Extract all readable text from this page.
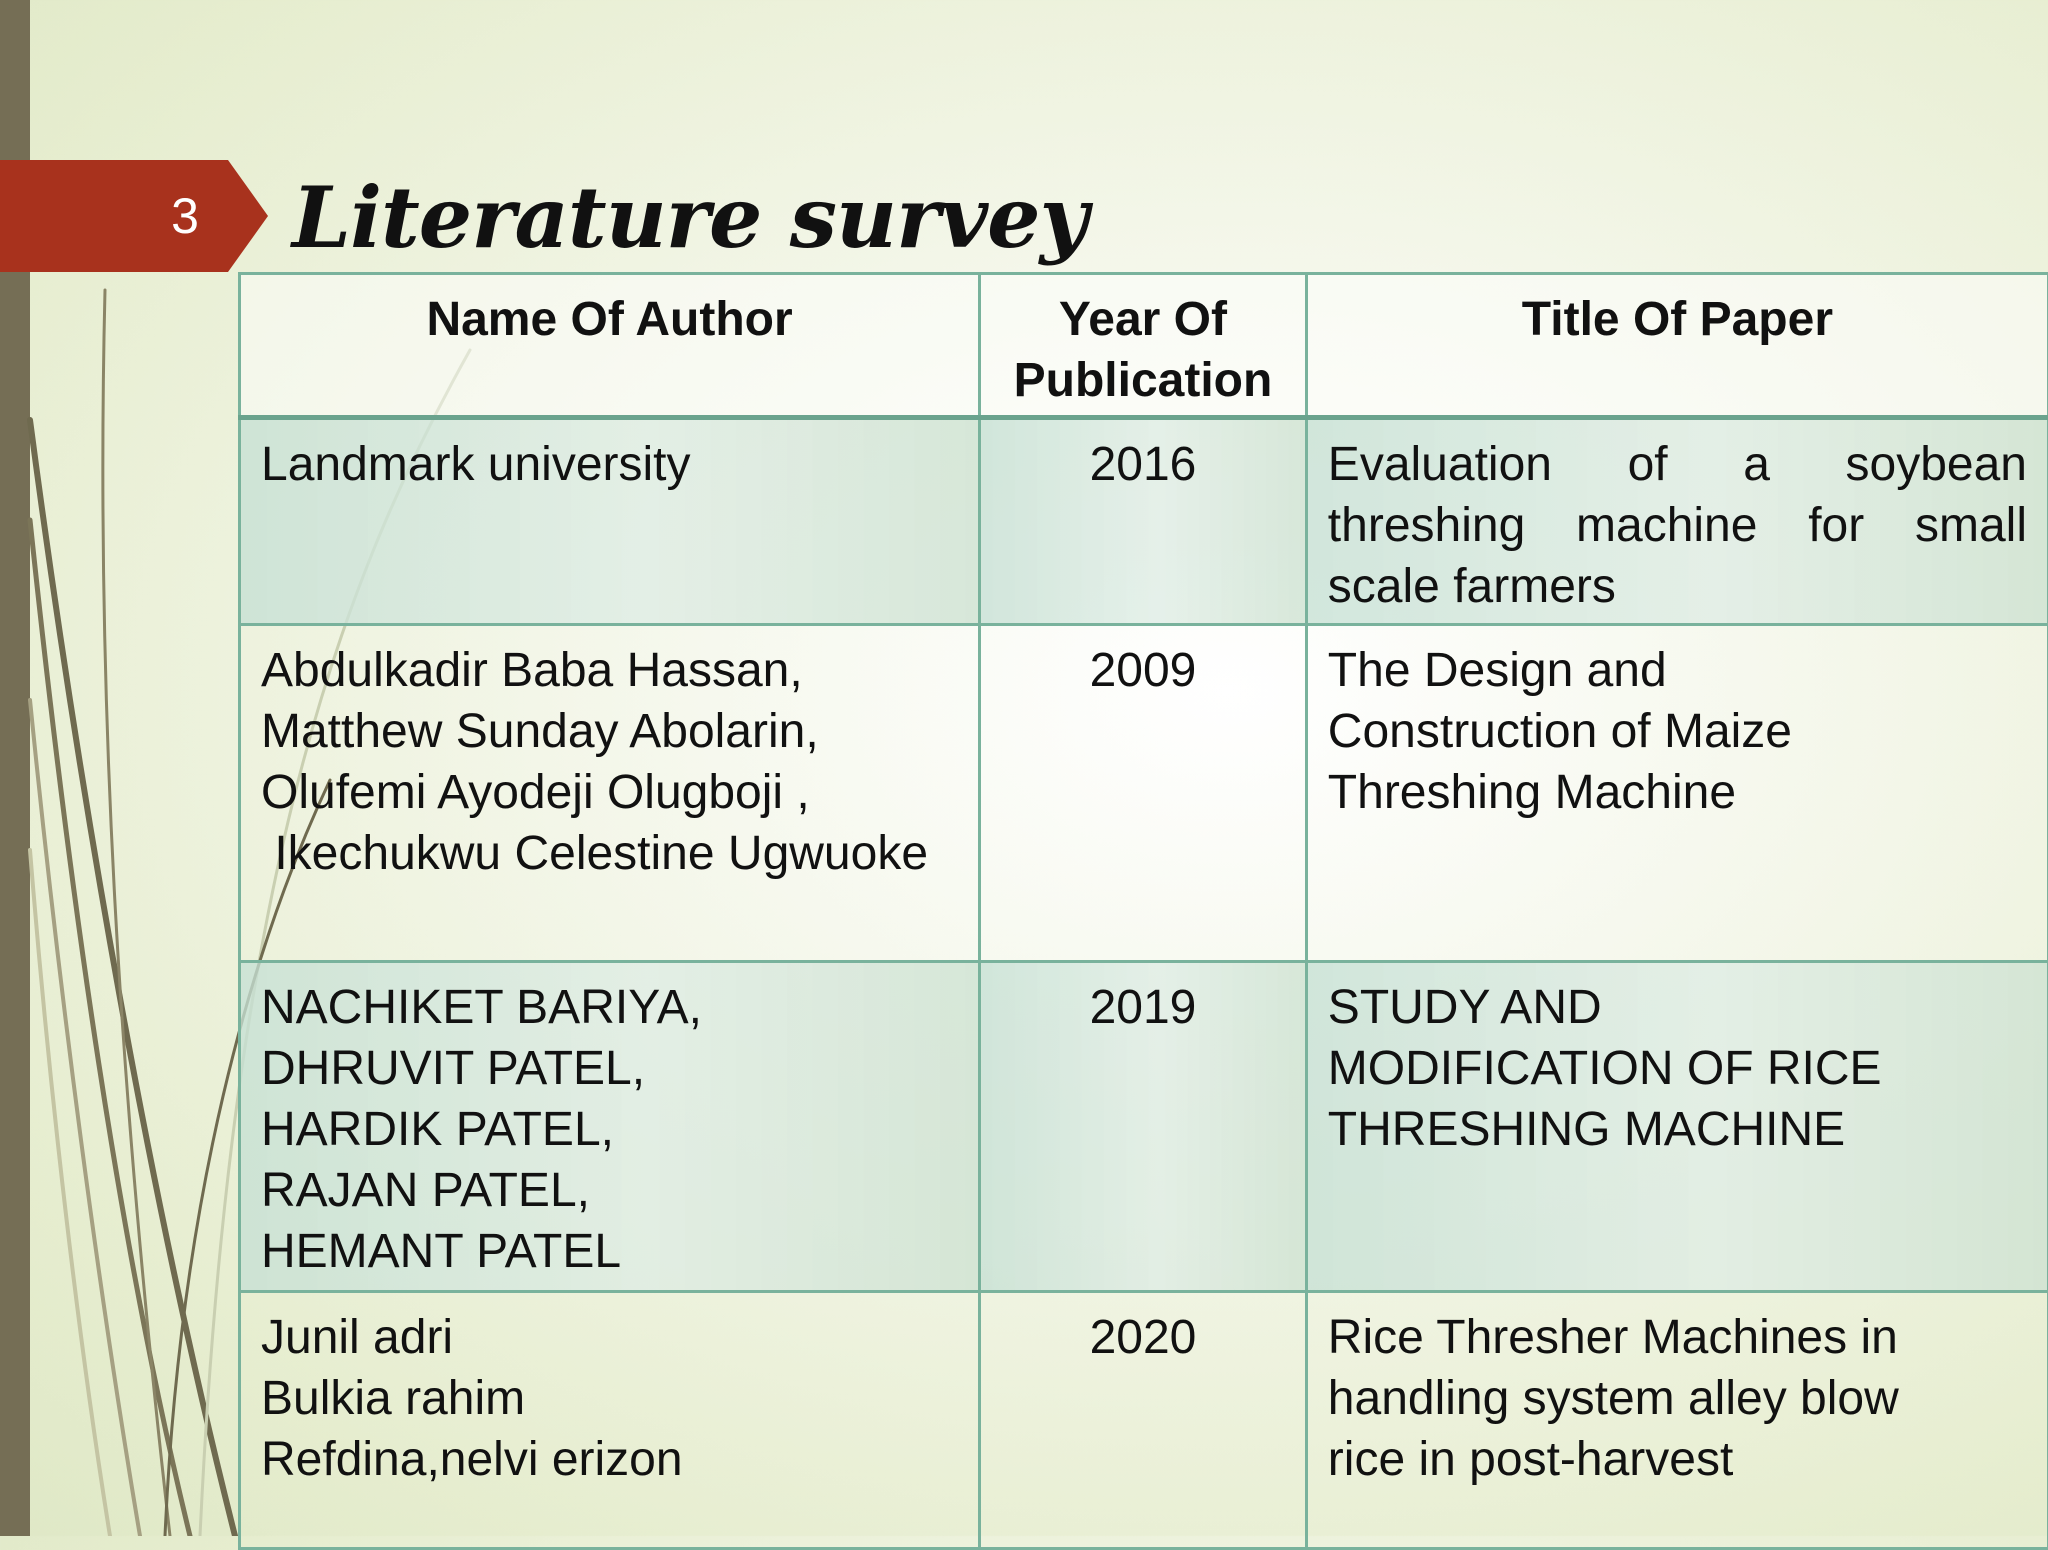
3	Literature survey
Name Of Author	Year Of Publication	Title Of Paper

Landmark university	2016	Evaluation of a soybean threshing machine for small scale farmers

Abdulkadir Baba Hassan,
Matthew Sunday Abolarin,
Olufemi Ayodeji Olugboji ,
Ikechukwu Celestine Ugwuoke	2009	The Design and
Construction of Maize
Threshing Machine

NACHIKET BARIYA,
DHRUVIT PATEL,
HARDIK PATEL,
RAJAN PATEL,
HEMANT PATEL	2019	STUDY AND
MODIFICATION OF RICE
THRESHING MACHINE

Junil adri
Bulkia rahim
Refdina,nelvi erizon	2020	Rice Thresher Machines in
handling system alley blow
rice in post-harvest
